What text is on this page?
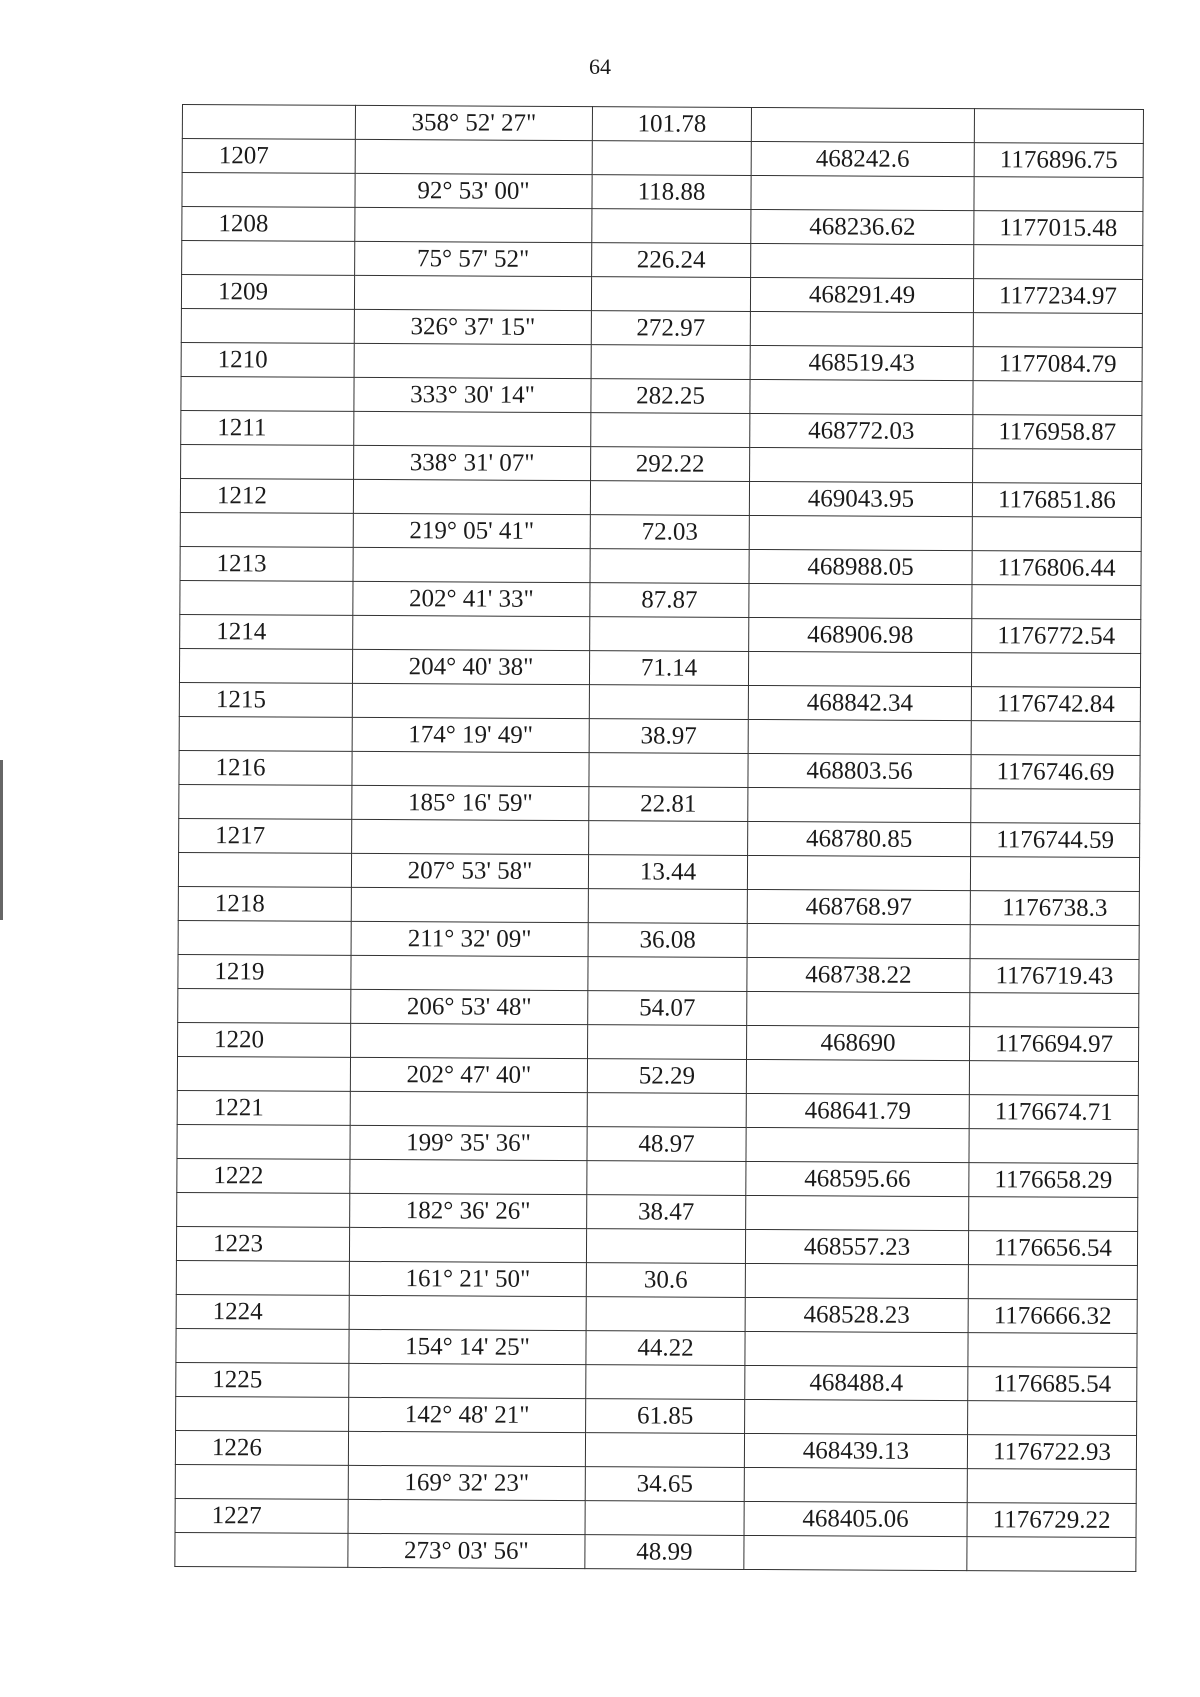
64
	358° 52' 27"	101.78		
1207			468242.6	1176896.75
	92° 53' 00"	118.88		
1208			468236.62	1177015.48
	75° 57' 52"	226.24		
1209			468291.49	1177234.97
	326° 37' 15"	272.97		
1210			468519.43	1177084.79
	333° 30' 14"	282.25		
1211			468772.03	1176958.87
	338° 31' 07"	292.22		
1212			469043.95	1176851.86
	219° 05' 41"	72.03		
1213			468988.05	1176806.44
	202° 41' 33"	87.87		
1214			468906.98	1176772.54
	204° 40' 38"	71.14		
1215			468842.34	1176742.84
	174° 19' 49"	38.97		
1216			468803.56	1176746.69
	185° 16' 59"	22.81		
1217			468780.85	1176744.59
	207° 53' 58"	13.44		
1218			468768.97	1176738.3
	211° 32' 09"	36.08		
1219			468738.22	1176719.43
	206° 53' 48"	54.07		
1220			468690	1176694.97
	202° 47' 40"	52.29		
1221			468641.79	1176674.71
	199° 35' 36"	48.97		
1222			468595.66	1176658.29
	182° 36' 26"	38.47		
1223			468557.23	1176656.54
	161° 21' 50"	30.6		
1224			468528.23	1176666.32
	154° 14' 25"	44.22		
1225			468488.4	1176685.54
	142° 48' 21"	61.85		
1226			468439.13	1176722.93
	169° 32' 23"	34.65		
1227			468405.06	1176729.22
	273° 03' 56"	48.99		
